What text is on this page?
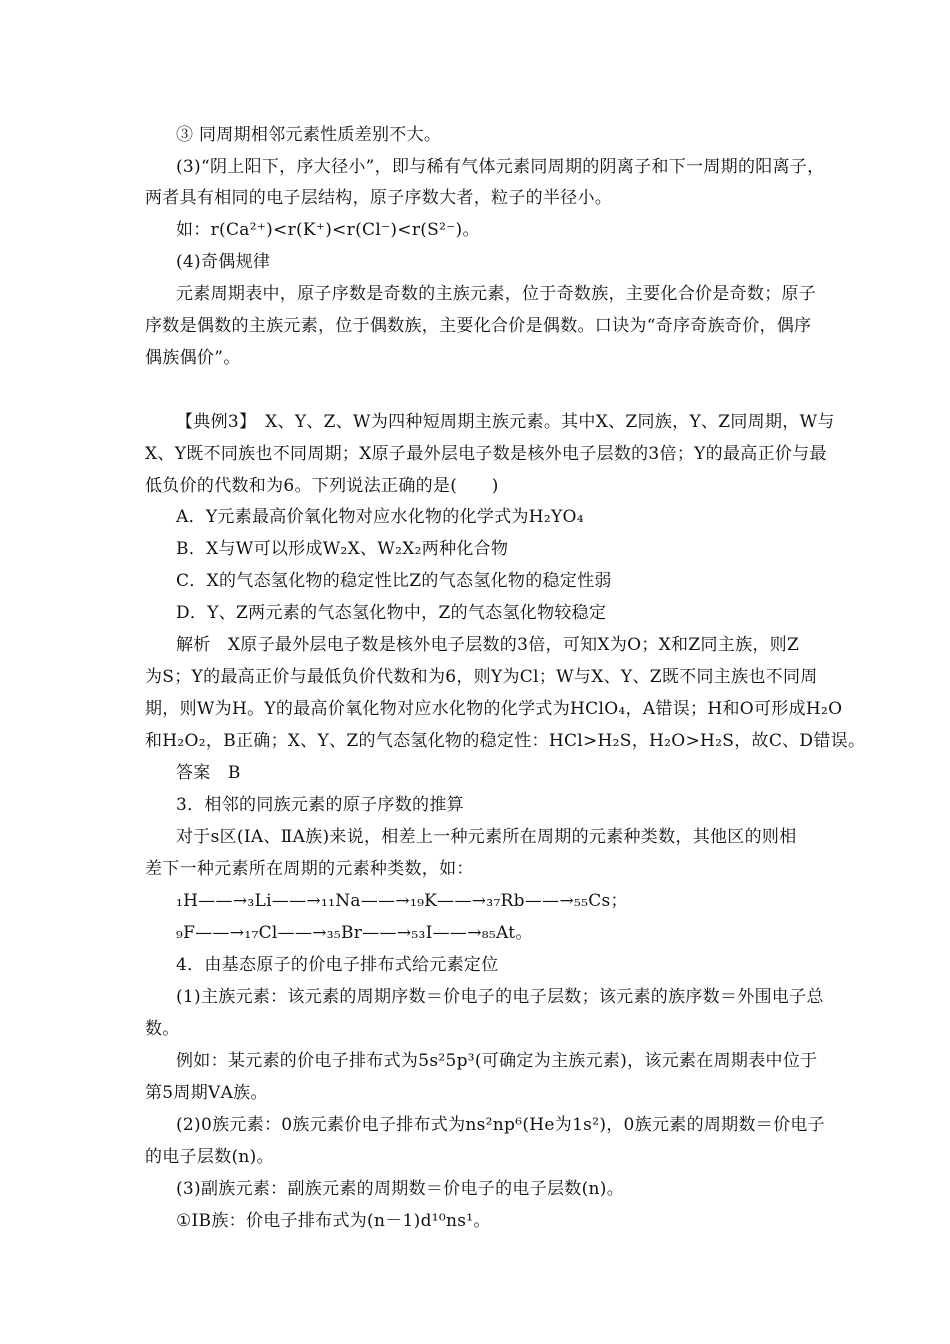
③ 同周期相邻元素性质差别不大。
(3)“阴上阳下，序大径小”，即与稀有气体元素同周期的阴离子和下一周期的阳离子，
两者具有相同的电子层结构，原子序数大者，粒子的半径小。
如：r(Ca²⁺)<r(K⁺)<r(Cl⁻)<r(S²⁻)。
(4)奇偶规律
元素周期表中，原子序数是奇数的主族元素，位于奇数族，主要化合价是奇数；原子
序数是偶数的主族元素，位于偶数族，主要化合价是偶数。口诀为“奇序奇族奇价，偶序
偶族偶价”。
【典例3】　X、Y、Z、W为四种短周期主族元素。其中X、Z同族，Y、Z同周期，W与
X、Y既不同族也不同周期；X原子最外层电子数是核外电子层数的3倍；Y的最高正价与最
低负价的代数和为6。下列说法正确的是(　　)
A．Y元素最高价氧化物对应水化物的化学式为H₂YO₄
B．X与W可以形成W₂X、W₂X₂两种化合物
C．X的气态氢化物的稳定性比Z的气态氢化物的稳定性弱
D．Y、Z两元素的气态氢化物中，Z的气态氢化物较稳定
解析　X原子最外层电子数是核外电子层数的3倍，可知X为O；X和Z同主族，则Z
为S；Y的最高正价与最低负价代数和为6，则Y为Cl；W与X、Y、Z既不同主族也不同周
期，则W为H。Y的最高价氧化物对应水化物的化学式为HClO₄，A错误；H和O可形成H₂O
和H₂O₂，B正确；X、Y、Z的气态氢化物的稳定性：HCl>H₂S，H₂O>H₂S，故C、D错误。
答案　B
3．相邻的同族元素的原子序数的推算
对于s区(ⅠA、ⅡA族)来说，相差上一种元素所在周期的元素种类数，其他区的则相
差下一种元素所在周期的元素种类数，如：
₁H——→₃Li——→₁₁Na——→₁₉K——→₃₇Rb——→₅₅Cs；
₉F——→₁₇Cl——→₃₅Br——→₅₃I——→₈₅At。
4．由基态原子的价电子排布式给元素定位
(1)主族元素：该元素的周期序数＝价电子的电子层数；该元素的族序数＝外围电子总
数。
例如：某元素的价电子排布式为5s²5p³(可确定为主族元素)，该元素在周期表中位于
第5周期ⅤA族。
(2)0族元素：0族元素价电子排布式为ns²np⁶(He为1s²)，0族元素的周期数＝价电子
的电子层数(n)。
(3)副族元素：副族元素的周期数＝价电子的电子层数(n)。
①ⅠB族：价电子排布式为(n－1)d¹⁰ns¹。
